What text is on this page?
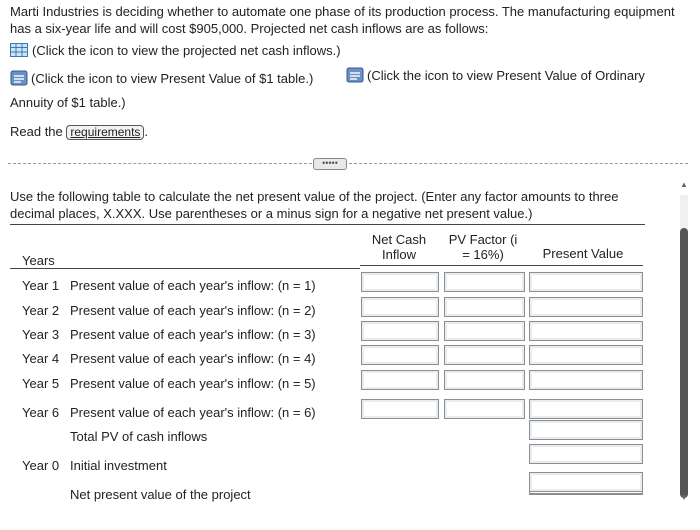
Marti Industries is deciding whether to automate one phase of its production process. The manufacturing equipment
has a six-year life and will cost $905,000. Projected net cash inflows are as follows:
(Click the icon to view the projected net cash inflows.)
(Click the icon to view Present Value of $1 table.)	(Click the icon to view Present Value of Ordinary
Annuity of $1 table.)
Read the requirements .
•••••
Use the following table to calculate the net present value of the project. (Enter any factor amounts to three
decimal places, X.XXX. Use parentheses or a minus sign for a negative net present value.)
Net Cash
Inflow
PV Factor (i
= 16%)	Present Value
Years
Year 1 Present value of each year's inflow: (n = 1)
Year 2 Present value of each year's inflow: (n = 2)
Year 3 Present value of each year's inflow: (n = 3)
Year 4 Present value of each year's inflow: (n = 4)
Year 5 Present value of each year's inflow: (n = 5)
Year 6 Present value of each year's inflow: (n = 6)
Total PV of cash inflows
Year 0 Initial investment
Net present value of the project
▲
▼
